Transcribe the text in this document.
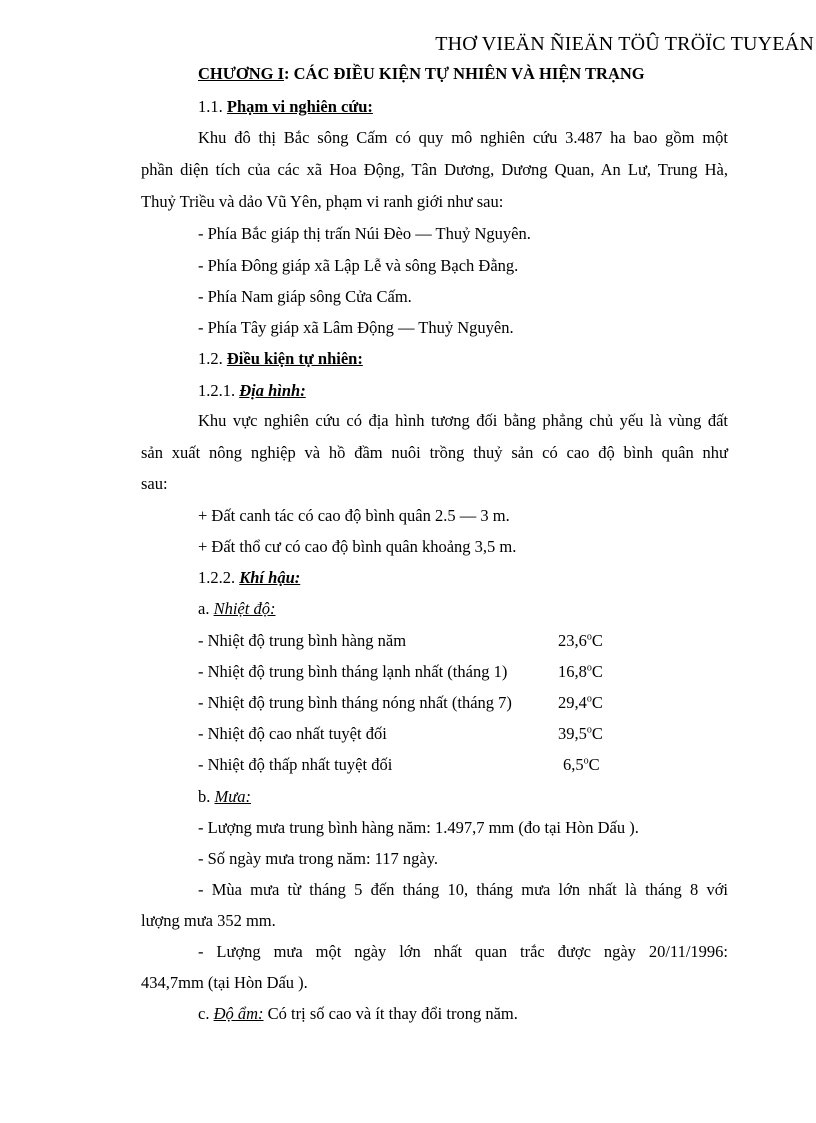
THƠ VIEÄN ÑIEÄN TÖÛ TRÖÏC TUYEÁN
CHƯƠNG I: CÁC ĐIỀU KIỆN TỰ NHIÊN VÀ HIỆN TRẠNG
1.1. Phạm vi nghiên cứu:
Khu đô thị Bắc sông Cấm có quy mô nghiên cứu 3.487 ha bao gồm một
phần diện tích của các xã Hoa Động, Tân Dương, Dương Quan, An Lư, Trung Hà,
Thuỷ Triều và dảo Vũ Yên, phạm vi ranh giới như sau:
- Phía Bắc giáp thị trấn Núi Đèo — Thuỷ Nguyên.
- Phía Đông giáp xã Lập Lễ và sông Bạch Đằng.
- Phía Nam giáp sông Cửa Cấm.
- Phía Tây giáp xã Lâm Động — Thuỷ Nguyên.
1.2. Điều kiện tự nhiên:
1.2.1. Địa hình:
Khu vực nghiên cứu có địa hình tương đối bằng phẳng chủ yếu là vùng đất
sản xuất nông nghiệp và hồ đầm nuôi trồng thuỷ sản có cao độ bình quân như
sau:
+ Đất canh tác có cao độ bình quân 2.5 — 3 m.
+ Đất thổ cư có cao độ bình quân khoảng 3,5 m.
1.2.2. Khí hậu:
a. Nhiệt độ:
- Nhiệt độ trung bình hàng năm	23,6$^o$C
- Nhiệt độ trung bình tháng lạnh nhất (tháng 1)	16,8$^o$C
- Nhiệt độ trung bình tháng nóng nhất (tháng 7)	29,4$^o$C
- Nhiệt độ cao nhất tuyệt đối	39,5$^o$C
- Nhiệt độ thấp nhất tuyệt đối	6,5$^o$C
b. Mưa:
- Lượng mưa trung bình hàng năm: 1.497,7 mm (đo tại Hòn Dấu ).
- Số ngày mưa trong năm: 117 ngày.
- Mùa mưa từ tháng 5 đến tháng 10, tháng mưa lớn nhất là tháng 8 với
lượng mưa 352 mm.
- Lượng mưa một ngày lớn nhất quan trắc được ngày 20/11/1996:
434,7mm (tại Hòn Dấu ).
c. Độ ẩm: Có trị số cao và ít thay đổi trong năm.
